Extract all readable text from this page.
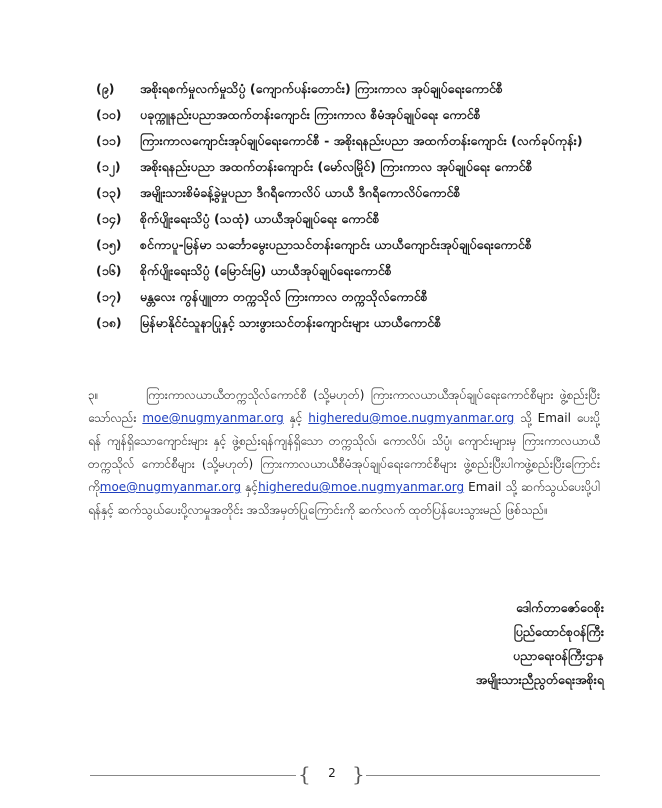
(၉)	အစိုးရစက်မှုလက်မှုသိပ္ပံ (ကျောက်ပန်းတောင်း) ကြားကာလ အုပ်ချုပ်ရေးကောင်စီ
(၁၀)	ပခုက္ကူနည်းပညာအထက်တန်းကျောင်း ကြားကာလ စီမံအုပ်ချုပ်ရေး ကောင်စီ
(၁၁)	ကြားကာလကျောင်းအုပ်ချုပ်ရေးကောင်စီ - အစိုးရနည်းပညာ အထက်တန်းကျောင်း (လက်ခုပ်ကုန်း)
(၁၂)	အစိုးရနည်းပညာ အထက်တန်းကျောင်း (မော်လမြိုင်) ကြားကာလ အုပ်ချုပ်ရေး ကောင်စီ
(၁၃)	အမျိုးသားစိမံခန့်ခွဲမှုပညာ ဒီဂရီကောလိပ် ယာယီ ဒီဂရီကောလိပ်ကောင်စီ
(၁၄)	စိုက်ပျိုးရေးသိပ္ပံ (သထုံ) ယာယီအုပ်ချုပ်ရေး ကောင်စီ
(၁၅)	စင်ကာပူ-မြန်မာ သင်္ဘောမွေးပညာသင်တန်းကျောင်း ယာယီကျောင်းအုပ်ချုပ်ရေးကောင်စီ
(၁၆)	စိုက်ပျိုးရေးသိပ္ပံ (မြောင်းမြ) ယာယီအုပ်ချုပ်ရေးကောင်စီ
(၁၇)	မန္တလေး ကွန်ပျူတာ တက္ကသိုလ် ကြားကာလ တက္ကသိုလ်ကောင်စီ
(၁၈)	မြန်မာနိုင်ငံသူနာပြုနှင့် သားဖွားသင်တန်းကျောင်းများ ယာယီကောင်စီ
၃။	ကြားကာလယာယီတက္ကသိုလ်ကောင်စီ (သို့မဟုတ်) ကြားကာလယာယီအုပ်ချုပ်ရေးကောင်စီများ ဖွဲ့စည်းပြီးသော်လည်း moe@nugmyanmar.org နှင့် higheredu@moe.nugmyanmar.org သို့ Email ပေးပို့ရန် ကျန်ရှိသောကျောင်းများ နှင့် ဖွဲ့စည်းရန်ကျန်ရှိသော တက္ကသိုလ်၊ ကောလိပ်၊ သိပ္ပံ၊ ကျောင်းများမှ ကြားကာလယာယီတက္ကသိုလ် ကောင်စီများ (သို့မဟုတ်) ကြားကာလယာယီစီမံအုပ်ချုပ်ရေးကောင်စီများ ဖွဲ့စည်းပြီးပါကဖွဲ့စည်းပြီးကြောင်းကိုmoe@nugmyanmar.org နှင့်higheredu@moe.nugmyanmar.org Email သို့ ဆက်သွယ်ပေးပို့ပါရန်နှင့် ဆက်သွယ်ပေးပို့လာမှုအတိုင်း အသိအမှတ်ပြုကြောင်းကို ဆက်လက် ထုတ်ပြန်ပေးသွားမည် ဖြစ်သည်။
ဒေါက်တာဇော်ဝေစိုး
ပြည်ထောင်စုဝန်ကြီး
ပညာရေးဝန်ကြီးဌာန
အမျိုးသားညီညွတ်ရေးအစိုးရ
{	2 }
